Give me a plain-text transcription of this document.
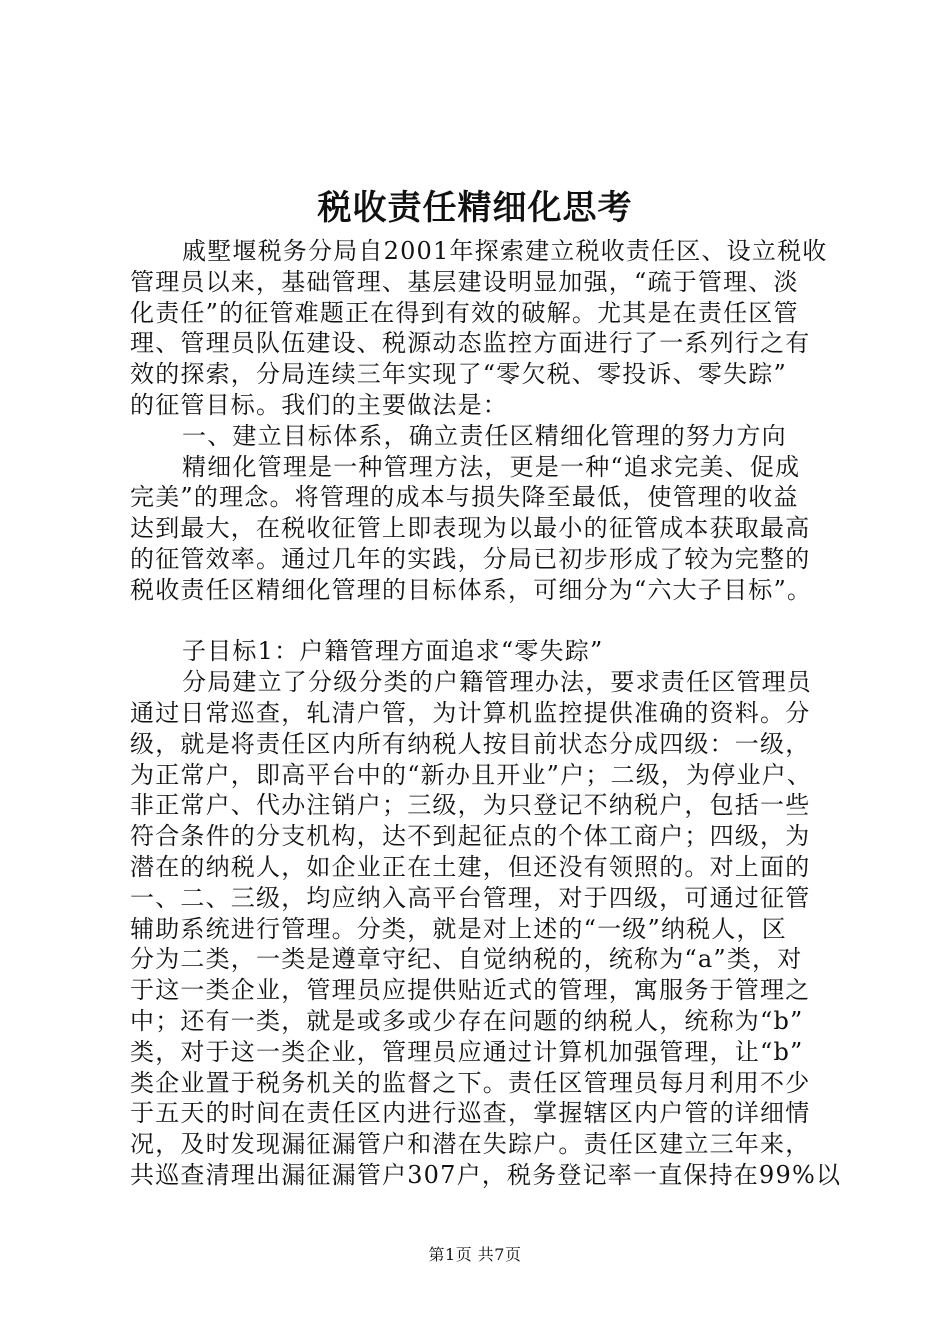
税收责任精细化思考
戚墅堰税务分局自2001年探索建立税收责任区、设立税收
管理员以来，基础管理、基层建设明显加强，“疏于管理、淡
化责任”的征管难题正在得到有效的破解。尤其是在责任区管
理、管理员队伍建设、税源动态监控方面进行了一系列行之有
效的探索，分局连续三年实现了“零欠税、零投诉、零失踪”
的征管目标。我们的主要做法是：
一、建立目标体系，确立责任区精细化管理的努力方向
精细化管理是一种管理方法，更是一种“追求完美、促成
完美”的理念。将管理的成本与损失降至最低，使管理的收益
达到最大，在税收征管上即表现为以最小的征管成本获取最高
的征管效率。通过几年的实践，分局已初步形成了较为完整的
税收责任区精细化管理的目标体系，可细分为“六大子目标”。
子目标1：户籍管理方面追求“零失踪”
分局建立了分级分类的户籍管理办法，要求责任区管理员
通过日常巡查，轧清户管，为计算机监控提供准确的资料。分
级，就是将责任区内所有纳税人按目前状态分成四级：一级，
为正常户，即高平台中的“新办且开业”户；二级，为停业户、
非正常户、代办注销户；三级，为只登记不纳税户，包括一些
符合条件的分支机构，达不到起征点的个体工商户；四级，为
潜在的纳税人，如企业正在土建，但还没有领照的。对上面的
一、二、三级，均应纳入高平台管理，对于四级，可通过征管
辅助系统进行管理。分类，就是对上述的“一级”纳税人，区
分为二类，一类是遵章守纪、自觉纳税的，统称为“a”类，对
于这一类企业，管理员应提供贴近式的管理，寓服务于管理之
中；还有一类，就是或多或少存在问题的纳税人，统称为“b”
类，对于这一类企业，管理员应通过计算机加强管理，让“b”
类企业置于税务机关的监督之下。责任区管理员每月利用不少
于五天的时间在责任区内进行巡查，掌握辖区内户管的详细情
况，及时发现漏征漏管户和潜在失踪户。责任区建立三年来，
共巡查清理出漏征漏管户307户，税务登记率一直保持在99%以
第1页 共7页
